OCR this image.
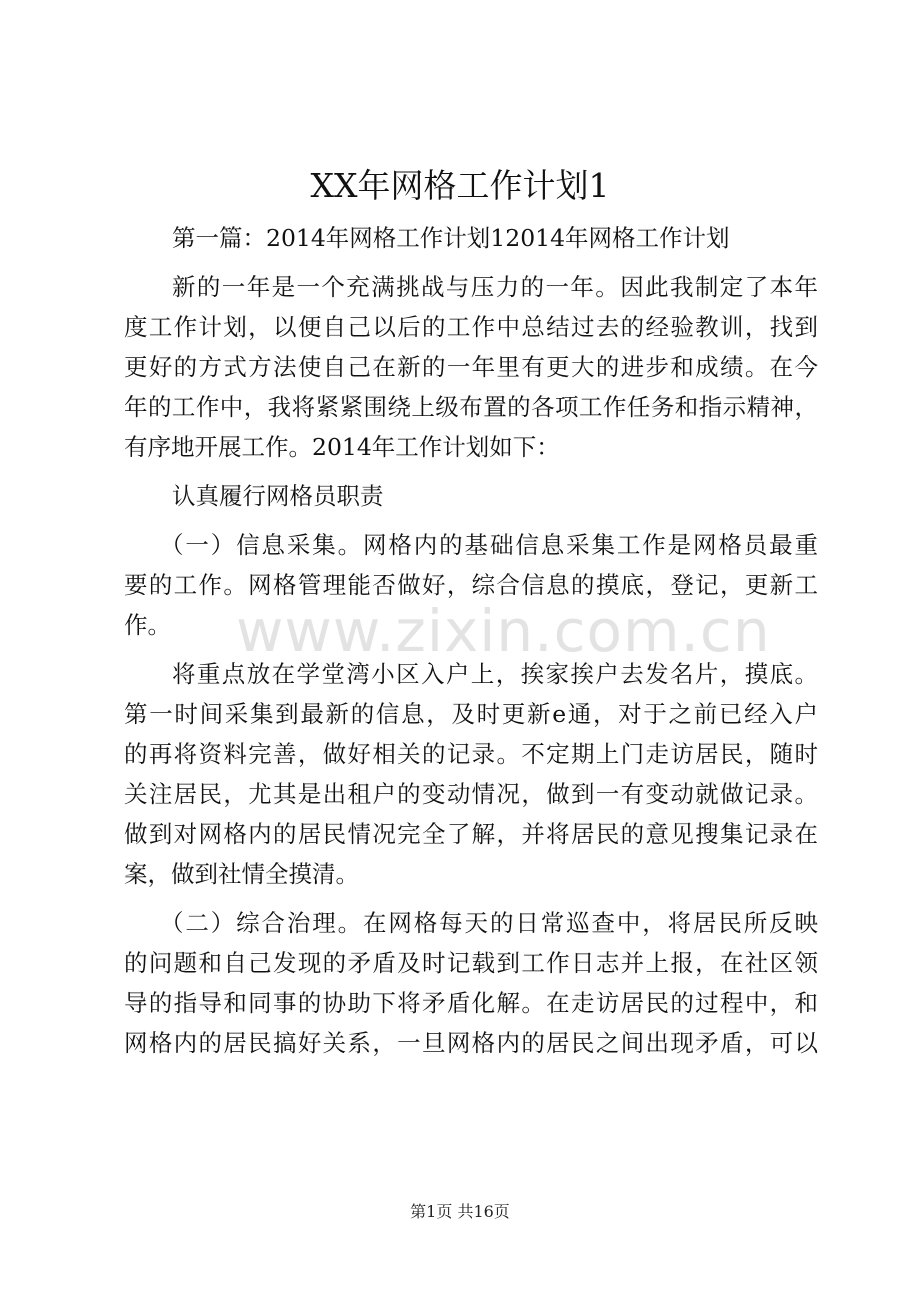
XX年网格工作计划1
第一篇：2014年网格工作计划12014年网格工作计划
新的一年是一个充满挑战与压力的一年。因此我制定了本年
度工作计划，以便自己以后的工作中总结过去的经验教训，找到
更好的方式方法使自己在新的一年里有更大的进步和成绩。在今
年的工作中，我将紧紧围绕上级布置的各项工作任务和指示精神，
有序地开展工作。2014年工作计划如下：
认真履行网格员职责
（一）信息采集。网格内的基础信息采集工作是网格员最重
要的工作。网格管理能否做好，综合信息的摸底，登记，更新工
作。
将重点放在学堂湾小区入户上，挨家挨户去发名片，摸底。
第一时间采集到最新的信息，及时更新e通，对于之前已经入户
的再将资料完善，做好相关的记录。不定期上门走访居民，随时
关注居民，尤其是出租户的变动情况，做到一有变动就做记录。
做到对网格内的居民情况完全了解，并将居民的意见搜集记录在
案，做到社情全摸清。
（二）综合治理。在网格每天的日常巡查中，将居民所反映
的问题和自己发现的矛盾及时记载到工作日志并上报，在社区领
导的指导和同事的协助下将矛盾化解。在走访居民的过程中，和
网格内的居民搞好关系，一旦网格内的居民之间出现矛盾，可以
www.zixin.com.cn
第1页 共16页
